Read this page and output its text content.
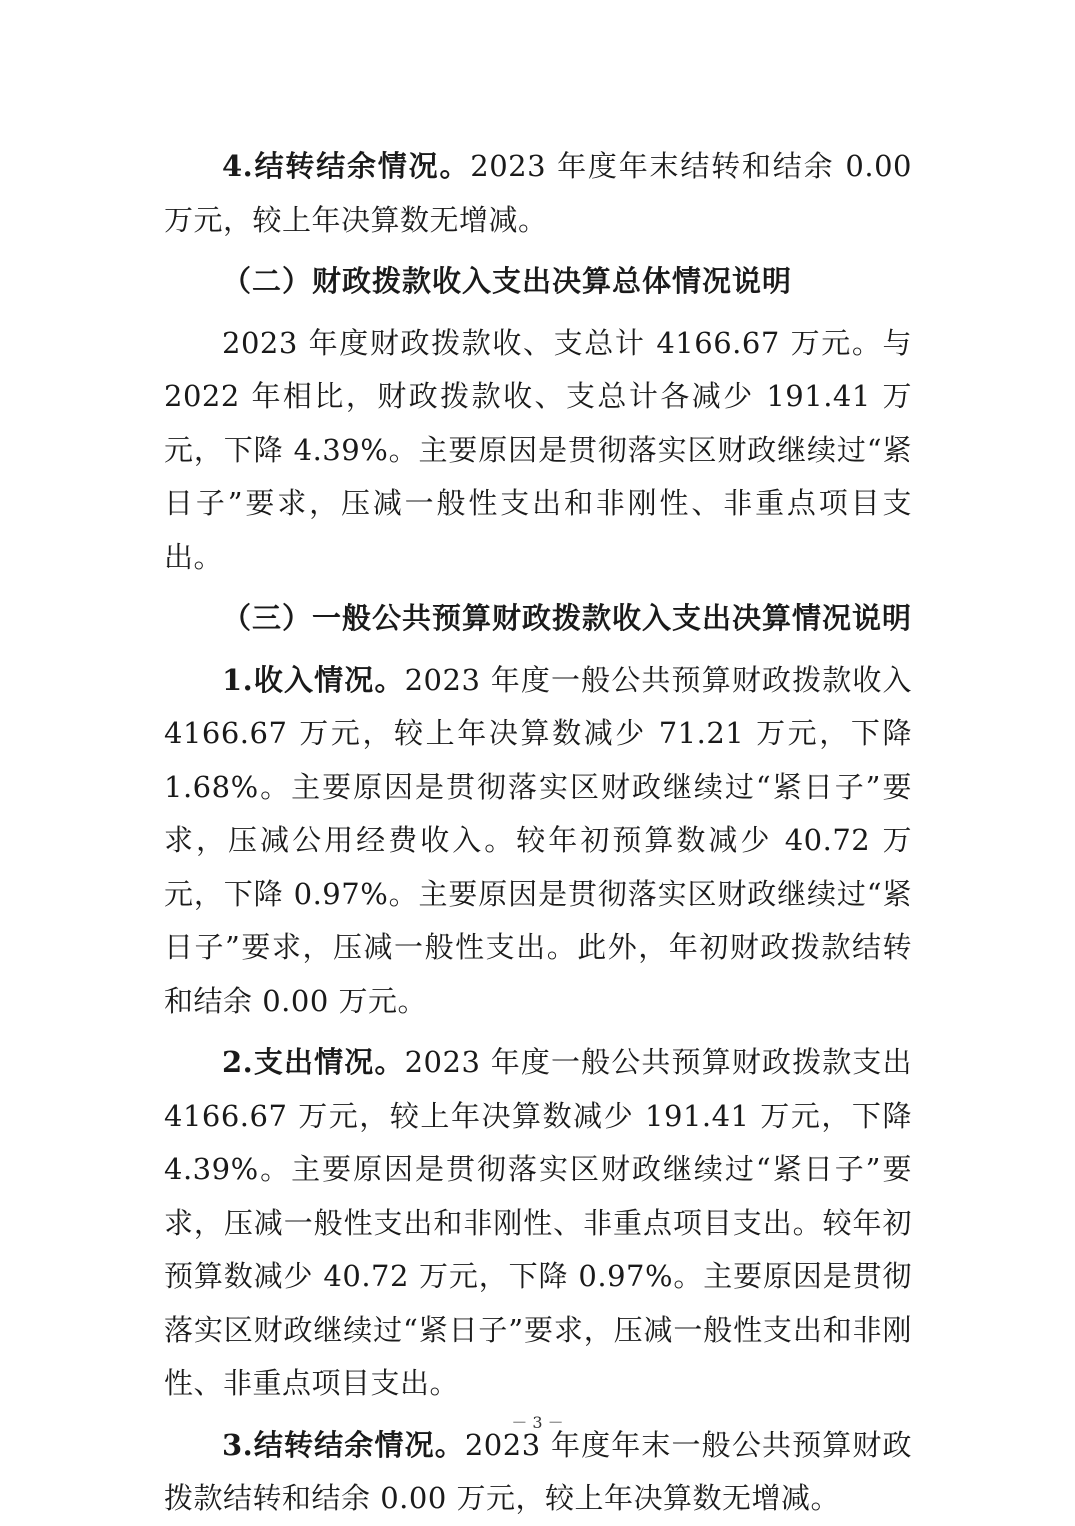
4.结转结余情况。2023 年度年末结转和结余 0.00 万元，较上年决算数无增减。

（二）财政拨款收入支出决算总体情况说明

2023 年度财政拨款收、支总计 4166.67 万元。与 2022 年相比，财政拨款收、支总计各减少 191.41 万元，下降 4.39%。主要原因是贯彻落实区财政继续过“紧日子”要求，压减一般性支出和非刚性、非重点项目支出。

（三）一般公共预算财政拨款收入支出决算情况说明

1.收入情况。2023 年度一般公共预算财政拨款收入 4166.67 万元，较上年决算数减少 71.21 万元，下降 1.68%。主要原因是贯彻落实区财政继续过“紧日子”要求，压减公用经费收入。较年初预算数减少 40.72 万元，下降 0.97%。主要原因是贯彻落实区财政继续过“紧日子”要求，压减一般性支出。此外，年初财政拨款结转和结余 0.00 万元。

2.支出情况。2023 年度一般公共预算财政拨款支出 4166.67 万元，较上年决算数减少 191.41 万元，下降 4.39%。主要原因是贯彻落实区财政继续过“紧日子”要求，压减一般性支出和非刚性、非重点项目支出。较年初预算数减少 40.72 万元，下降 0.97%。主要原因是贯彻落实区财政继续过“紧日子”要求，压减一般性支出和非刚性、非重点项目支出。

3.结转结余情况。2023 年度年末一般公共预算财政拨款结转和结余 0.00 万元，较上年决算数无增减。

－ 3 －
